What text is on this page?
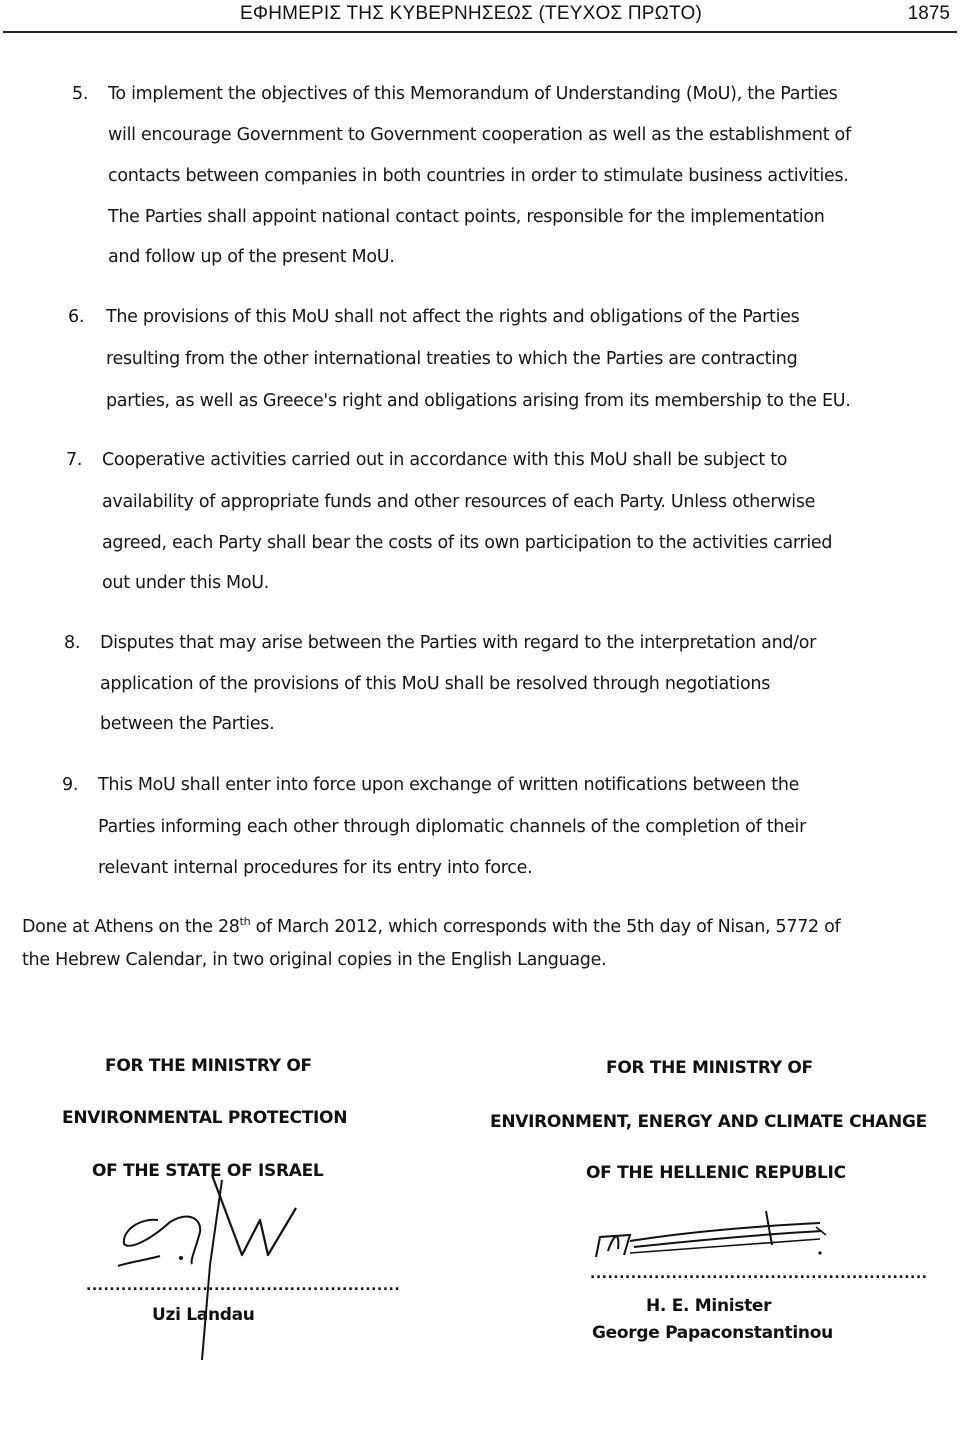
ΕΦΗΜΕΡΙΣ ΤΗΣ ΚΥΒΕΡΝΗΣΕΩΣ (ΤΕΥΧΟΣ ΠΡΩΤΟ)	1875
5. To implement the objectives of this Memorandum of Understanding (MoU), the Parties
will encourage Government to Government cooperation as well as the establishment of
contacts between companies in both countries in order to stimulate business activities.
The Parties shall appoint national contact points, responsible for the implementation
and follow up of the present MoU.
6. The provisions of this MoU shall not affect the rights and obligations of the Parties
resulting from the other international treaties to which the Parties are contracting
parties, as well as Greece's right and obligations arising from its membership to the EU.
7. Cooperative activities carried out in accordance with this MoU shall be subject to
availability of appropriate funds and other resources of each Party. Unless otherwise
agreed, each Party shall bear the costs of its own participation to the activities carried
out under this MoU.
8. Disputes that may arise between the Parties with regard to the interpretation and/or
application of the provisions of this MoU shall be resolved through negotiations
between the Parties.
9. This MoU shall enter into force upon exchange of written notifications between the
Parties informing each other through diplomatic channels of the completion of their
relevant internal procedures for its entry into force.
Done at Athens on the 28th of March 2012, which corresponds with the 5th day of Nisan, 5772 of
the Hebrew Calendar, in two original copies in the English Language.
FOR THE MINISTRY OF
ENVIRONMENTAL PROTECTION
OF THE STATE OF ISRAEL
......................................................
Uzi Landau
FOR THE MINISTRY OF
ENVIRONMENT, ENERGY AND CLIMATE CHANGE
OF THE HELLENIC REPUBLIC
..........................................................
H. E. Minister
George Papaconstantinou
